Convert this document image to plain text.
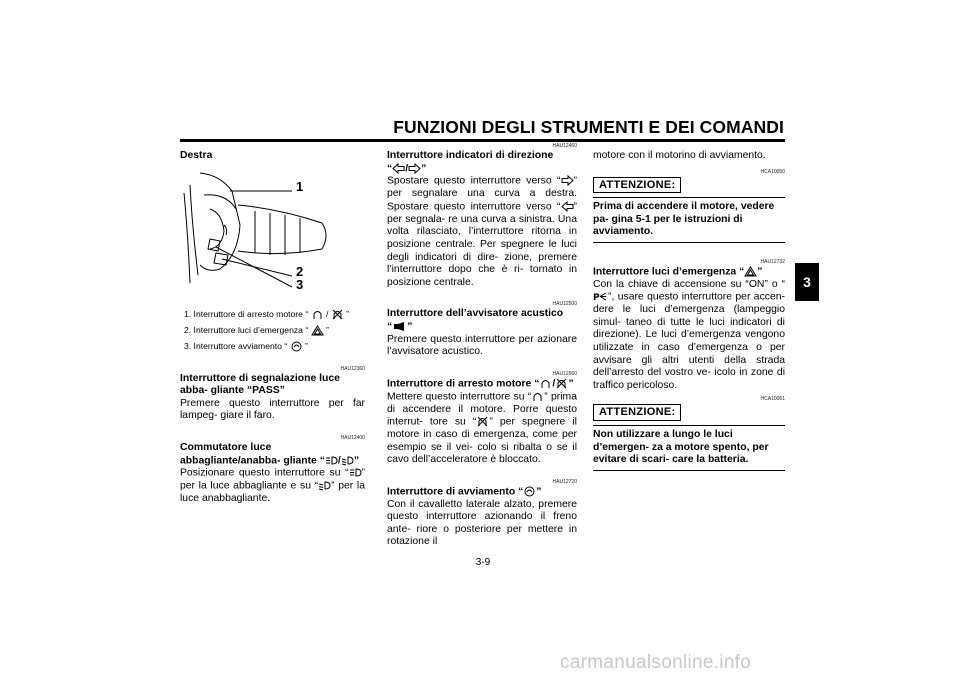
FUNZIONI DEGLI STRUMENTI E DEI COMANDI
3
Destra
1
2
3
1. Interruttore di arresto motore “ / ”
2. Interruttore luci d’emergenza “ ”
3. Interruttore avviamento “ ”
HAU12360
Interruttore di segnalazione luce abba- gliante “PASS”
Premere questo interruttore per far lampeg- giare il faro.
HAU12400
Commutatore luce abbagliante/anabba- gliante “ / ”
Posizionare questo interruttore su “ ” per la luce abbagliante e su “ ” per la luce anabbagliante.
HAU12460
Interruttore indicatori di direzione
“ / ”
Spostare questo interruttore verso “ ” per segnalare una curva a destra. Spostare questo interruttore verso “ ” per segnala- re una curva a sinistra. Una volta rilasciato, l’interruttore ritorna in posizione centrale. Per spegnere le luci degli indicatori di dire- zione, premere l’interruttore dopo che è ri- tornato in posizione centrale.
HAU12500
Interruttore dell’avvisatore acustico
“ ”
Premere questo interruttore per azionare l’avvisatore acustico.
HAU12660
Interruttore di arresto motore “ / ”
Mettere questo interruttore su “ ” prima di accendere il motore. Porre questo interrut- tore su “ ” per spegnere il motore in caso di emergenza, come per esempio se il vei- colo si ribalta o se il cavo dell’acceleratore è bloccato.
HAU12720
Interruttore di avviamento “ ”
Con il cavalletto laterale alzato, premere questo interruttore azionando il freno ante- riore o posteriore per mettere in rotazione il
motore con il motorino di avviamento.
HCA10050
ATTENZIONE:
Prima di accendere il motore, vedere pa- gina 5-1 per le istruzioni di avviamento.
HAU12732
Interruttore luci d’emergenza “ ”
Con la chiave di accensione su “ON” o “
P ”, usare questo interruttore per accen- dere le luci d’emergenza (lampeggio simul- taneo di tutte le luci indicatori di direzione). Le luci d’emergenza vengono utilizzate in caso d’emergenza o per avvisare gli altri utenti della strada dell’arresto del vostro ve- icolo in zone di traffico pericoloso.
HCA10061
ATTENZIONE:
Non utilizzare a lungo le luci d’emergen- za a motore spento, per evitare di scari- care la batteria.
3-9
carmanualsonline.info
